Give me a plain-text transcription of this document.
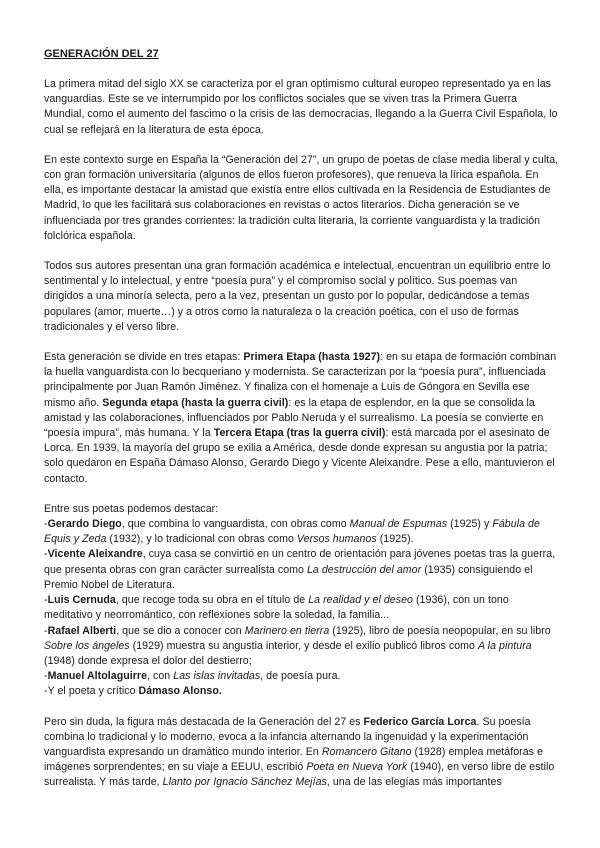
GENERACIÓN DEL 27

La primera mitad del siglo XX se caracteriza por el gran optimismo cultural europeo representado ya en las vanguardias. Este se ve interrumpido por los conflictos sociales que se viven tras la Primera Guerra Mundial, como el aumento del fascimo o la crisis de las democracias, llegando a la Guerra Civil Española, lo cual se reflejará en la literatura de esta época.

En este contexto surge en España la “Generación del 27”, un grupo de poetas de clase media liberal y culta, con gran formación universitaria (algunos de ellos fueron profesores), que renueva la lírica española. En ella, es importante destacar la amistad que existía entre ellos cultivada en la Residencia de Estudiantes de Madrid, lo que les facilitará sus colaboraciones en revistas o actos literarios. Dicha generación se ve influenciada por tres grandes corrientes: la tradición culta literaria, la corriente vanguardista y la tradición folclórica española.

Todos sus autores presentan una gran formación académica e intelectual, encuentran un equilibrio entre lo sentimental y lo intelectual, y entre “poesía pura” y el compromiso social y político. Sus poemas van dirigidos a una minoría selecta, pero a la vez, presentan un gusto por lo popular, dedicándose a temas populares (amor, muerte…) y a otros como la naturaleza o la creación poética, con el uso de formas tradicionales y el verso libre.

Esta generación se divide en tres etapas: Primera Etapa (hasta 1927): en su etapa de formación combinan la huella vanguardista con lo becqueriano y modernista. Se caracterizan por la “poesía pura”, influenciada principalmente por Juan Ramón Jiménez. Y finaliza con el homenaje a Luis de Góngora en Sevilla ese mismo año. Segunda etapa (hasta la guerra civil): es la etapa de esplendor, en la que se consolida la amistad y las colaboraciones, influenciados por Pablo Neruda y el surrealismo. La poesía se convierte en “poesía impura”, más humana. Y la Tercera Etapa (tras la guerra civil): está marcada por el asesinato de Lorca. En 1939, la mayoría del grupo se exilia a América, desde donde expresan su angustia por la patria; solo quedaron en España Dámaso Alonso, Gerardo Diego y Vicente Aleixandre. Pese a ello, mantuvieron el contacto.

Entre sus poetas podemos destacar:
-Gerardo Diego, que combina lo vanguardista, con obras como Manual de Espumas (1925) y Fábula de Equis y Zeda (1932), y lo tradicional con obras como Versos humanos (1925).
-Vicente Aleixandre, cuya casa se convirtió en un centro de orientación para jóvenes poetas tras la guerra, que presenta obras con gran carácter surrealista como La destrucción del amor (1935) consiguiendo el Premio Nobel de Literatura.
-Luis Cernuda, que recoge toda su obra en el título de La realidad y el deseo (1936), con un tono meditativo y neorromántico, con reflexiones sobre la soledad, la familia...
-Rafael Alberti, que se dio a conocer con Marinero en tierra (1925), libro de poesía neopopular, en su libro Sobre los ángeles (1929) muestra su angustia interior, y desde el exilio publicó libros como A la pintura (1948) donde expresa el dolor del destierro;
-Manuel Altolaguirre, con Las islas invitadas, de poesía pura.
-Y el poeta y crítico Dámaso Alonso.

Pero sin duda, la figura más destacada de la Generación del 27 es Federico García Lorca. Su poesía combina lo tradicional y lo moderno, evoca a la infancia alternando la ingenuidad y la experimentación vanguardista expresando un dramático mundo interior. En Romancero Gitano (1928) emplea metáforas e imágenes sorprendentes; en su viaje a EEUU, escribió Poeta en Nueva York (1940), en verso libre de estilo surrealista. Y más tarde, Llanto por Ignacio Sánchez Mejías, una de las elegías más importantes
